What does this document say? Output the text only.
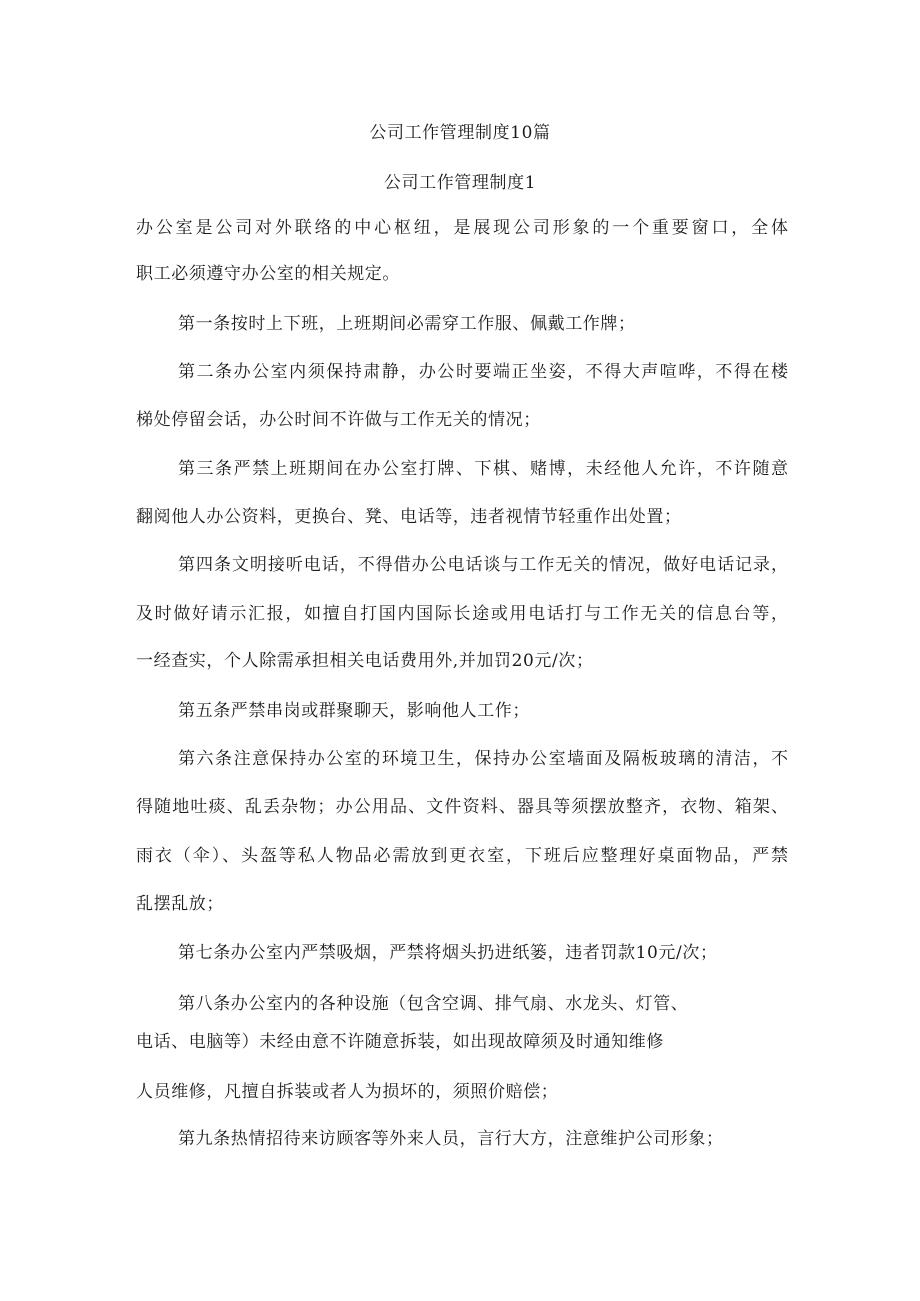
公司工作管理制度10篇
公司工作管理制度1
办公室是公司对外联络的中心枢纽，是展现公司形象的一个重要窗口，全体
职工必须遵守办公室的相关规定。
第一条按时上下班，上班期间必需穿工作服、佩戴工作牌；
第二条办公室内须保持肃静，办公时要端正坐姿，不得大声喧哗，不得在楼
梯处停留会话，办公时间不许做与工作无关的情况；
第三条严禁上班期间在办公室打牌、下棋、赌博，未经他人允许，不许随意
翻阅他人办公资料，更换台、凳、电话等，违者视情节轻重作出处置；
第四条文明接听电话，不得借办公电话谈与工作无关的情况，做好电话记录，
及时做好请示汇报，如擅自打国内国际长途或用电话打与工作无关的信息台等，
一经查实，个人除需承担相关电话费用外,并加罚20元/次；
第五条严禁串岗或群聚聊天，影响他人工作；
第六条注意保持办公室的环境卫生，保持办公室墙面及隔板玻璃的清洁，不
得随地吐痰、乱丢杂物；办公用品、文件资料、器具等须摆放整齐，衣物、箱架、
雨衣（伞）、头盔等私人物品必需放到更衣室，下班后应整理好桌面物品，严禁
乱摆乱放；
第七条办公室内严禁吸烟，严禁将烟头扔进纸篓，违者罚款10元/次；
第八条办公室内的各种设施（包含空调、排气扇、水龙头、灯管、
电话、电脑等）未经由意不许随意拆装，如出现故障须及时通知维修
人员维修，凡擅自拆装或者人为损坏的，须照价赔偿；
第九条热情招待来访顾客等外来人员，言行大方，注意维护公司形象；
